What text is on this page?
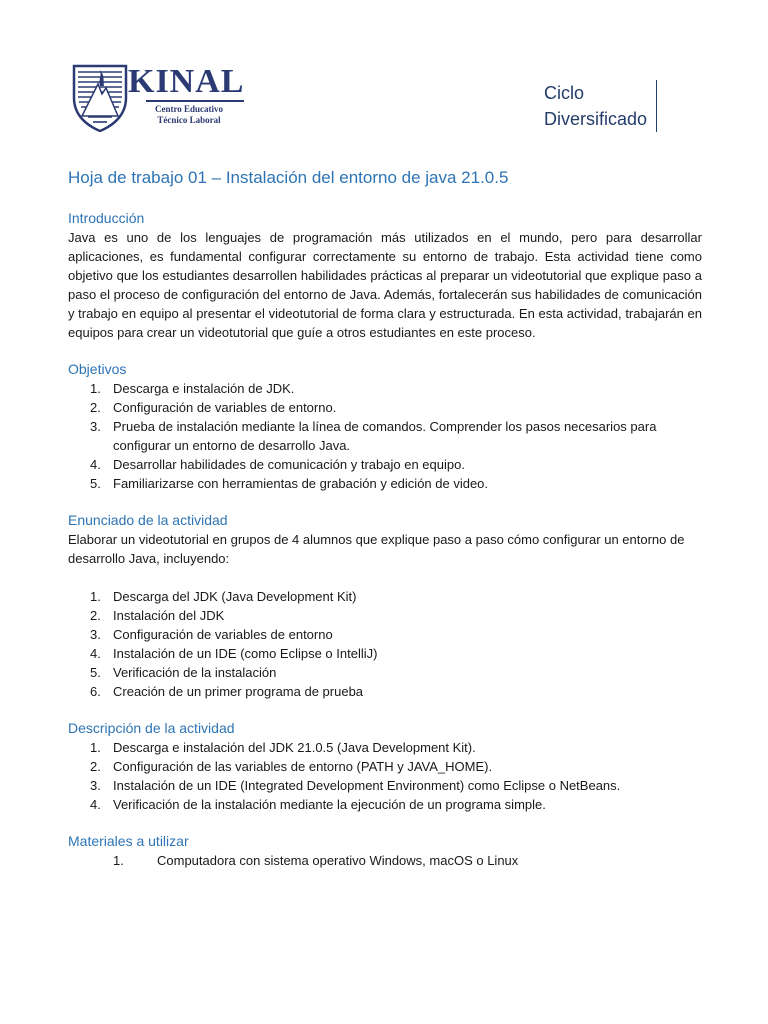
KINAL
Centro Educativo
Técnico Laboral
Ciclo
Diversificado
Hoja de trabajo 01 – Instalación del entorno de java 21.0.5
Introducción

Java es uno de los lenguajes de programación más utilizados en el mundo, pero para desarrollar aplicaciones, es fundamental configurar correctamente su entorno de trabajo. Esta actividad tiene como objetivo que los estudiantes desarrollen habilidades prácticas al preparar un videotutorial que explique paso a paso el proceso de configuración del entorno de Java. Además, fortalecerán sus habilidades de comunicación y trabajo en equipo al presentar el videotutorial de forma clara y estructurada. En esta actividad, trabajarán en equipos para crear un videotutorial que guíe a otros estudiantes en este proceso.

Objetivos
1. Descarga e instalación de JDK.
2. Configuración de variables de entorno.
3. Prueba de instalación mediante la línea de comandos. Comprender los pasos necesarios para configurar un entorno de desarrollo Java.
4. Desarrollar habilidades de comunicación y trabajo en equipo.
5. Familiarizarse con herramientas de grabación y edición de video.
Enunciado de la actividad

Elaborar un videotutorial en grupos de 4 alumnos que explique paso a paso cómo configurar un entorno de desarrollo Java, incluyendo:

1. Descarga del JDK (Java Development Kit)
2. Instalación del JDK
3. Configuración de variables de entorno
4. Instalación de un IDE (como Eclipse o IntelliJ)
5. Verificación de la instalación
6. Creación de un primer programa de prueba
Descripción de la actividad
1. Descarga e instalación del JDK 21.0.5 (Java Development Kit).
2. Configuración de las variables de entorno (PATH y JAVA_HOME).
3. Instalación de un IDE (Integrated Development Environment) como Eclipse o NetBeans.
4. Verificación de la instalación mediante la ejecución de un programa simple.
Materiales a utilizar
1.	Computadora con sistema operativo Windows, macOS o Linux
